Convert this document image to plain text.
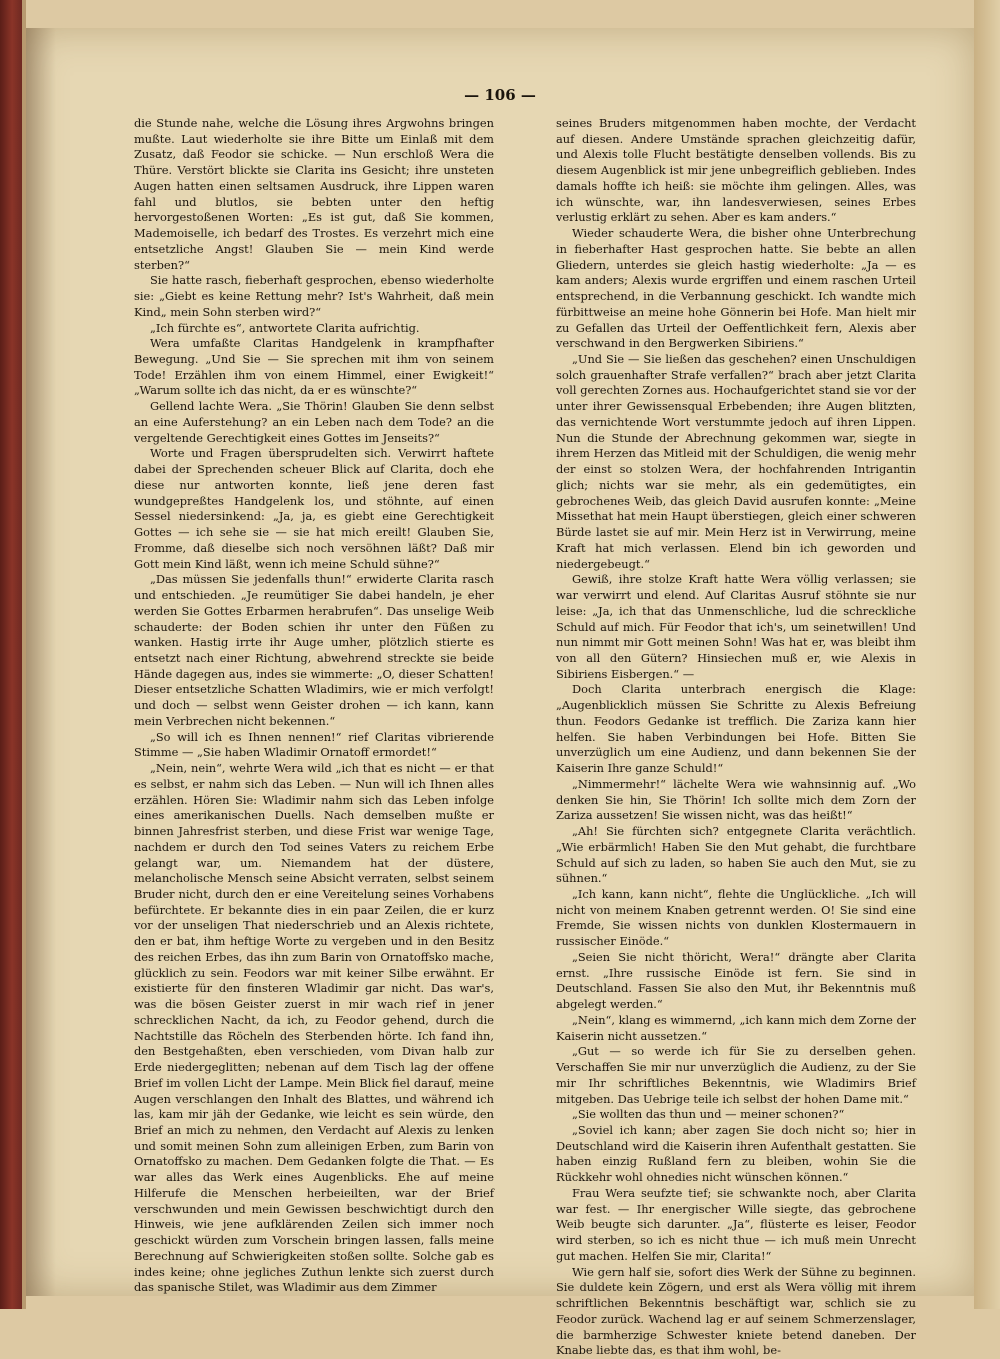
— 106 —

die Stunde nahe, welche die Lösung ihres Argwohns bringen mußte. Laut wiederholte sie ihre Bitte um Einlaß mit dem Zusatz, daß Feodor sie schicke. — Nun erschloß Wera die Thüre. Verstört blickte sie Clarita ins Gesicht; ihre unsteten Augen hatten einen seltsamen Ausdruck, ihre Lippen waren fahl und blutlos, sie bebten unter den heftig hervorgestoßenen Worten: „Es ist gut, daß Sie kommen, Mademoiselle, ich bedarf des Trostes. Es verzehrt mich eine entsetzliche Angst! Glauben Sie — mein Kind werde sterben?“

Sie hatte rasch, fieberhaft gesprochen, ebenso wiederholte sie: „Giebt es keine Rettung mehr? Ist's Wahrheit, daß mein Kind„ mein Sohn sterben wird?“

„Ich fürchte es“, antwortete Clarita aufrichtig.

Wera umfaßte Claritas Handgelenk in krampfhafter Bewegung. „Und Sie — Sie sprechen mit ihm von seinem Tode! Erzählen ihm von einem Himmel, einer Ewigkeit!“ „Warum sollte ich das nicht, da er es wünschte?“

Gellend lachte Wera. „Sie Thörin! Glauben Sie denn selbst an eine Auferstehung? an ein Leben nach dem Tode? an die vergeltende Gerechtigkeit eines Gottes im Jenseits?“

Worte und Fragen übersprudelten sich. Verwirrt haftete dabei der Sprechenden scheuer Blick auf Clarita, doch ehe diese nur antworten konnte, ließ jene deren fast wundgepreßtes Handgelenk los, und stöhnte, auf einen Sessel niedersinkend: „Ja, ja, es giebt eine Gerechtigkeit Gottes — ich sehe sie — sie hat mich ereilt! Glauben Sie, Fromme, daß dieselbe sich noch versöhnen läßt? Daß mir Gott mein Kind läßt, wenn ich meine Schuld sühne?“

„Das müssen Sie jedenfalls thun!“ erwiderte Clarita rasch und entschieden. „Je reumütiger Sie dabei handeln, je eher werden Sie Gottes Erbarmen herabrufen“. Das unselige Weib schauderte: der Boden schien ihr unter den Füßen zu wanken. Hastig irrte ihr Auge umher, plötzlich stierte es entsetzt nach einer Richtung, abwehrend streckte sie beide Hände dagegen aus, indes sie wimmerte: „O, dieser Schatten! Dieser entsetzliche Schatten Wladimirs, wie er mich verfolgt! und doch — selbst wenn Geister drohen — ich kann, kann mein Verbrechen nicht bekennen.“

„So will ich es Ihnen nennen!“ rief Claritas vibrierende Stimme — „Sie haben Wladimir Ornatoff ermordet!“

„Nein, nein“, wehrte Wera wild „ich that es nicht — er that es selbst, er nahm sich das Leben. — Nun will ich Ihnen alles erzählen. Hören Sie: Wladimir nahm sich das Leben infolge eines amerikanischen Duells. Nach demselben mußte er binnen Jahresfrist sterben, und diese Frist war wenige Tage, nachdem er durch den Tod seines Vaters zu reichem Erbe gelangt war, um. Niemandem hat der düstere, melancholische Mensch seine Absicht verraten, selbst seinem Bruder nicht, durch den er eine Vereitelung seines Vorhabens befürchtete. Er bekannte dies in ein paar Zeilen, die er kurz vor der unseligen That niederschrieb und an Alexis richtete, den er bat, ihm heftige Worte zu vergeben und in den Besitz des reichen Erbes, das ihn zum Barin von Ornatoffsko mache, glücklich zu sein. Feodors war mit keiner Silbe erwähnt. Er existierte für den finsteren Wladimir gar nicht. Das war's, was die bösen Geister zuerst in mir wach rief in jener schrecklichen Nacht, da ich, zu Feodor gehend, durch die Nachtstille das Röcheln des Sterbenden hörte. Ich fand ihn, den Bestgehaßten, eben verschieden, vom Divan halb zur Erde niedergeglitten; nebenan auf dem Tisch lag der offene Brief im vollen Licht der Lampe. Mein Blick fiel darauf, meine Augen verschlangen den Inhalt des Blattes, und während ich las, kam mir jäh der Gedanke, wie leicht es sein würde, den Brief an mich zu nehmen, den Verdacht auf Alexis zu lenken und somit meinen Sohn zum alleinigen Erben, zum Barin von Ornatoffsko zu machen. Dem Gedanken folgte die That. — Es war alles das Werk eines Augenblicks. Ehe auf meine Hilferufe die Menschen herbeieilten, war der Brief verschwunden und mein Gewissen beschwichtigt durch den Hinweis, wie jene aufklärenden Zeilen sich immer noch geschickt würden zum Vorschein bringen lassen, falls meine Berechnung auf Schwierigkeiten stoßen sollte. Solche gab es indes keine; ohne jegliches Zuthun lenkte sich zuerst durch das spanische Stilet, was Wladimir aus dem Zimmer

seines Bruders mitgenommen haben mochte, der Verdacht auf diesen. Andere Umstände sprachen gleichzeitig dafür, und Alexis tolle Flucht bestätigte denselben vollends. Bis zu diesem Augenblick ist mir jene unbegreiflich geblieben. Indes damals hoffte ich heiß: sie möchte ihm gelingen. Alles, was ich wünschte, war, ihn landesverwiesen, seines Erbes verlustig erklärt zu sehen. Aber es kam anders.“

Wieder schauderte Wera, die bisher ohne Unterbrechung in fieberhafter Hast gesprochen hatte. Sie bebte an allen Gliedern, unterdes sie gleich hastig wiederholte: „Ja — es kam anders; Alexis wurde ergriffen und einem raschen Urteil entsprechend, in die Verbannung geschickt. Ich wandte mich fürbittweise an meine hohe Gönnerin bei Hofe. Man hielt mir zu Gefallen das Urteil der Oeffentlichkeit fern, Alexis aber verschwand in den Bergwerken Sibiriens.“

„Und Sie — Sie ließen das geschehen? einen Unschuldigen solch grauenhafter Strafe verfallen?“ brach aber jetzt Clarita voll gerechten Zornes aus. Hochaufgerichtet stand sie vor der unter ihrer Gewissensqual Erbebenden; ihre Augen blitzten, das vernichtende Wort verstummte jedoch auf ihren Lippen. Nun die Stunde der Abrechnung gekommen war, siegte in ihrem Herzen das Mitleid mit der Schuldigen, die wenig mehr der einst so stolzen Wera, der hochfahrenden Intrigantin glich; nichts war sie mehr, als ein gedemütigtes, ein gebrochenes Weib, das gleich David ausrufen konnte: „Meine Missethat hat mein Haupt überstiegen, gleich einer schweren Bürde lastet sie auf mir. Mein Herz ist in Verwirrung, meine Kraft hat mich verlassen. Elend bin ich geworden und niedergebeugt.“

Gewiß, ihre stolze Kraft hatte Wera völlig verlassen; sie war verwirrt und elend. Auf Claritas Ausruf stöhnte sie nur leise: „Ja, ich that das Unmenschliche, lud die schreckliche Schuld auf mich. Für Feodor that ich's, um seinetwillen! Und nun nimmt mir Gott meinen Sohn! Was hat er, was bleibt ihm von all den Gütern? Hinsiechen muß er, wie Alexis in Sibiriens Eisbergen.“ —

Doch Clarita unterbrach energisch die Klage: „Augenblicklich müssen Sie Schritte zu Alexis Befreiung thun. Feodors Gedanke ist trefflich. Die Zariza kann hier helfen. Sie haben Verbindungen bei Hofe. Bitten Sie unverzüglich um eine Audienz, und dann bekennen Sie der Kaiserin Ihre ganze Schuld!“

„Nimmermehr!“ lächelte Wera wie wahnsinnig auf. „Wo denken Sie hin, Sie Thörin! Ich sollte mich dem Zorn der Zariza aussetzen! Sie wissen nicht, was das heißt!“

„Ah! Sie fürchten sich? entgegnete Clarita verächtlich. „Wie erbärmlich! Haben Sie den Mut gehabt, die furchtbare Schuld auf sich zu laden, so haben Sie auch den Mut, sie zu sühnen.“

„Ich kann, kann nicht“, flehte die Unglückliche. „Ich will nicht von meinem Knaben getrennt werden. O! Sie sind eine Fremde, Sie wissen nichts von dunklen Klostermauern in russischer Einöde.“

„Seien Sie nicht thöricht, Wera!“ drängte aber Clarita ernst. „Ihre russische Einöde ist fern. Sie sind in Deutschland. Fassen Sie also den Mut, ihr Bekenntnis muß abgelegt werden.“

„Nein“, klang es wimmernd, „ich kann mich dem Zorne der Kaiserin nicht aussetzen.“

„Gut — so werde ich für Sie zu derselben gehen. Verschaffen Sie mir nur unverzüglich die Audienz, zu der Sie mir Ihr schriftliches Bekenntnis, wie Wladimirs Brief mitgeben. Das Uebrige teile ich selbst der hohen Dame mit.“

„Sie wollten das thun und — meiner schonen?“

„Soviel ich kann; aber zagen Sie doch nicht so; hier in Deutschland wird die Kaiserin ihren Aufenthalt gestatten. Sie haben einzig Rußland fern zu bleiben, wohin Sie die Rückkehr wohl ohnedies nicht wünschen können.“

Frau Wera seufzte tief; sie schwankte noch, aber Clarita war fest. — Ihr energischer Wille siegte, das gebrochene Weib beugte sich darunter. „Ja“, flüsterte es leiser, Feodor wird sterben, so ich es nicht thue — ich muß mein Unrecht gut machen. Helfen Sie mir, Clarita!“

Wie gern half sie, sofort dies Werk der Sühne zu beginnen. Sie duldete kein Zögern, und erst als Wera völlig mit ihrem schriftlichen Bekenntnis beschäftigt war, schlich sie zu Feodor zurück. Wachend lag er auf seinem Schmerzenslager, die barmherzige Schwester kniete betend daneben. Der Knabe liebte das, es that ihm wohl, be-
